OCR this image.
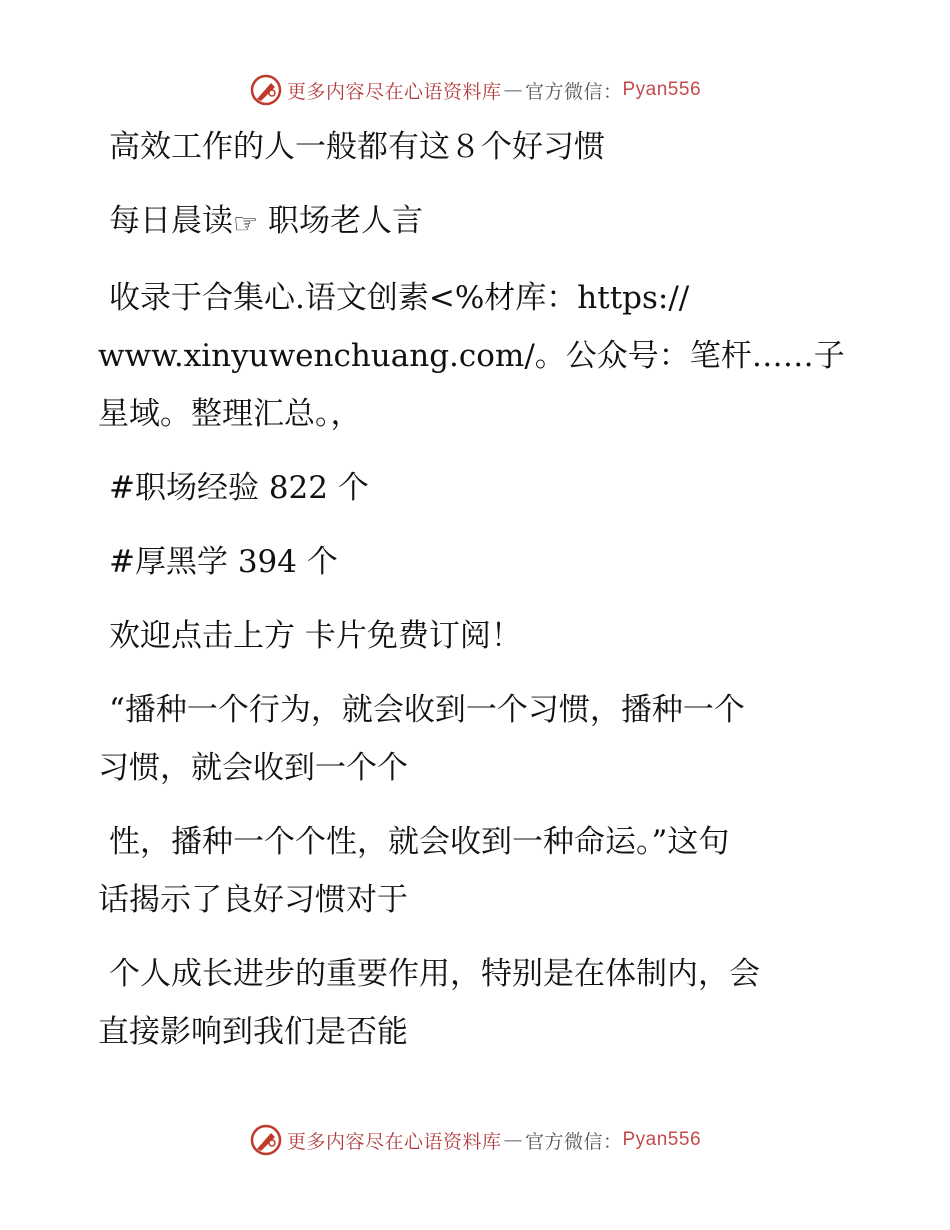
更多内容尽在心语资料库 — 官方微信： Pyan556

高效工作的人一般都有这８个好习惯

每日晨读☞ 职场老人言

收录于合集心.语文创素<%材库：https://

www.xinyuwenchuang.com/。公众号：笔杆……子

星域。整理汇总。，

#职场经验 822 个

#厚黑学 394 个

欢迎点击上方 卡片免费订阅！

“播种一个行为，就会收到一个习惯，播种一个

习惯，就会收到一个个

性，播种一个个性，就会收到一种命运。”这句

话揭示了良好习惯对于

个人成长进步的重要作用，特别是在体制内，会

直接影响到我们是否能

更多内容尽在心语资料库 — 官方微信： Pyan556
